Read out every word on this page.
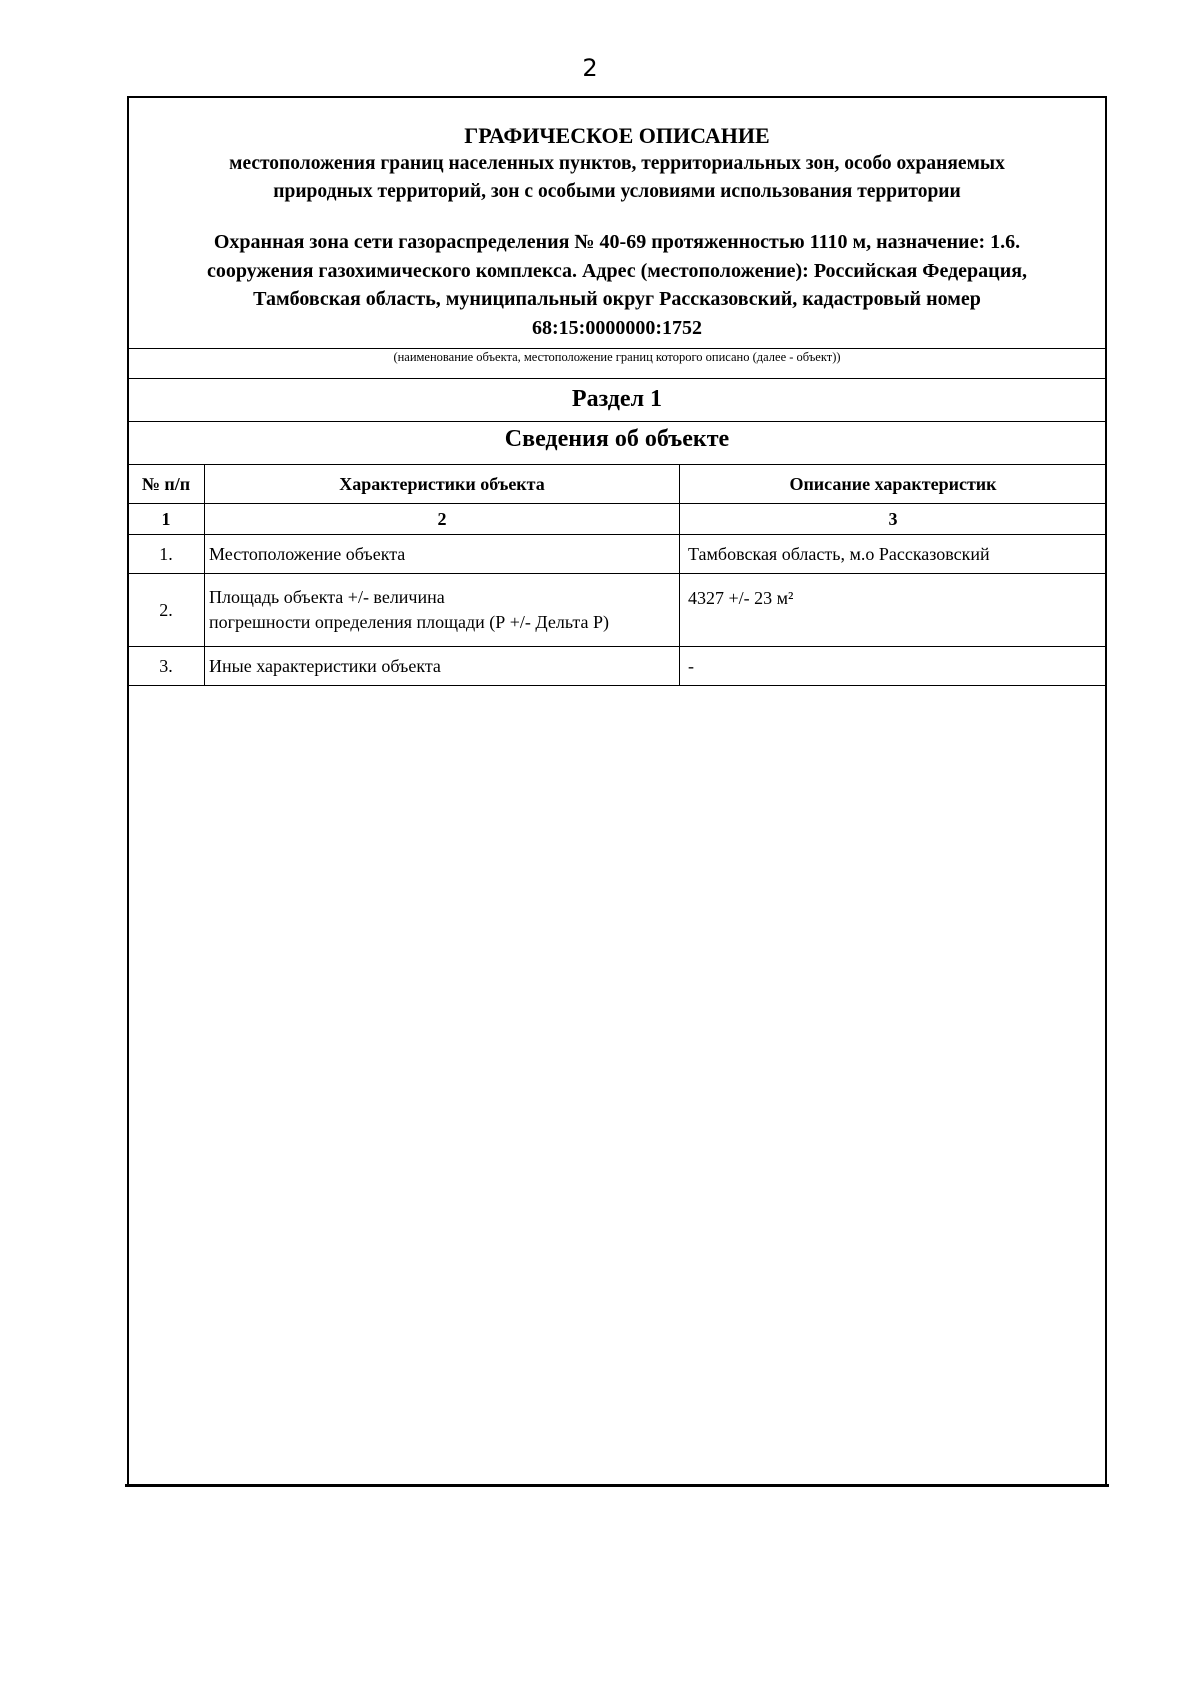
2
ГРАФИЧЕСКОЕ ОПИСАНИЕ
местоположения границ населенных пунктов, территориальных зон, особо охраняемых
природных территорий, зон с особыми условиями использования территории
Охранная зона сети газораспределения № 40-69 протяженностью 1110 м, назначение: 1.6.
сооружения газохимического комплекса. Адрес (местоположение): Российская Федерация,
Тамбовская область, муниципальный округ Рассказовский, кадастровый номер
68:15:0000000:1752
(наименование объекта, местоположение границ которого описано (далее - объект))
Раздел 1
Сведения об объекте
№ п/п	Характеристики объекта	Описание характеристик
1	2	3
1.	Местоположение объекта	Тамбовская область, м.о Рассказовский
2.	Площадь объекта +/- величина
погрешности определения площади (Р +/- Дельта Р)	4327 +/- 23 м²
3.	Иные характеристики объекта	-
